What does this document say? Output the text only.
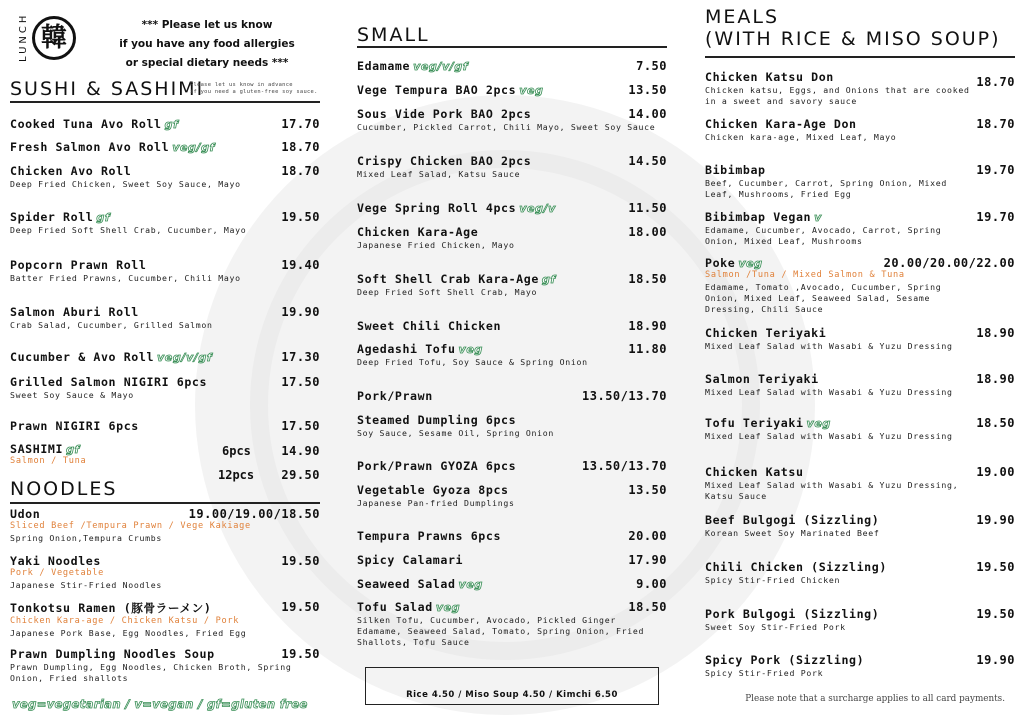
LUNCH 韓	*** Please let us know
if you have any food allergies
or special dietary needs ***
SUSHI & SASHIMI
Please let us know in advance
if you need a gluten-free soy sauce.
Cooked Tuna Avo Roll gf	17.70
Fresh Salmon Avo Roll veg/gf	18.70
Chicken Avo Roll	18.70
Deep Fried Chicken, Sweet Soy Sauce, Mayo
Spider Roll gf	19.50
Deep Fried Soft Shell Crab, Cucumber, Mayo
Popcorn Prawn Roll	19.40
Batter Fried Prawns, Cucumber, Chili Mayo
Salmon Aburi Roll	19.90
Crab Salad, Cucumber, Grilled Salmon
Cucumber & Avo Roll veg/v/gf	17.30
Grilled Salmon NIGIRI 6pcs	17.50
Sweet Soy Sauce & Mayo
Prawn NIGIRI 6pcs	17.50
SASHIMI gf
Salmon / Tuna
6pcs	14.90
12pcs 29.50
NOODLES
Udon	19.00/19.00/18.50
Sliced Beef /Tempura Prawn / Vege Kakiage
Spring Onion,Tempura Crumbs
Yaki Noodles	19.50
Pork / Vegetable
Japanese Stir-Fried Noodles
Tonkotsu Ramen (豚骨ラーメン)	19.50
Chicken Kara-age / Chicken Katsu / Pork
Japanese Pork Base, Egg Noodles, Fried Egg
Prawn Dumpling Noodles Soup	19.50
Prawn Dumpling, Egg Noodles, Chicken Broth, Spring Onion, Fried shallots
veg=vegetarian / v=vegan / gf=gluten free
SMALL
Edamame veg/v/gf	7.50
Vege Tempura BAO 2pcs veg	13.50
Sous Vide Pork BAO 2pcs	14.00
Cucumber, Pickled Carrot, Chili Mayo, Sweet Soy Sauce
Crispy Chicken BAO 2pcs	14.50
Mixed Leaf Salad, Katsu Sauce
Vege Spring Roll 4pcs veg/v	11.50
Chicken Kara-Age	18.00
Japanese Fried Chicken, Mayo
Soft Shell Crab Kara-Age gf	18.50
Deep Fried Soft Shell Crab, Mayo
Sweet Chili Chicken	18.90
Agedashi Tofu veg	11.80
Deep Fried Tofu, Soy Sauce & Spring Onion
Pork/Prawn	13.50/13.70
Steamed Dumpling 6pcs
Soy Sauce, Sesame Oil, Spring Onion
Pork/Prawn GYOZA 6pcs	13.50/13.70
Vegetable Gyoza 8pcs	13.50
Japanese Pan-fried Dumplings
Tempura Prawns 6pcs	20.00
Spicy Calamari	17.90
Seaweed Salad veg	9.00
Tofu Salad veg	18.50
Silken Tofu, Cucumber, Avocado, Pickled Ginger Edamame, Seaweed Salad, Tomato, Spring Onion, Fried Shallots, Tofu Sauce
Rice 4.50 / Miso Soup 4.50 / Kimchi 6.50
MEALS
(WITH RICE & MISO SOUP)
Chicken Katsu Don	18.70
Chicken katsu, Eggs, and Onions that are cooked in a sweet and savory sauce
Chicken Kara-Age Don	18.70
Chicken kara-age, Mixed Leaf, Mayo
Bibimbap	19.70
Beef, Cucumber, Carrot, Spring Onion, Mixed Leaf, Mushrooms, Fried Egg
Bibimbap Vegan v	19.70
Edamame, Cucumber, Avocado, Carrot, Spring Onion, Mixed Leaf, Mushrooms
Poke veg	20.00/20.00/22.00
Salmon /Tuna / Mixed Salmon & Tuna
Edamame, Tomato ,Avocado, Cucumber, Spring Onion, Mixed Leaf, Seaweed Salad, Sesame Dressing, Chili Sauce
Chicken Teriyaki	18.90
Mixed Leaf Salad with Wasabi & Yuzu Dressing
Salmon Teriyaki	18.90
Mixed Leaf Salad with Wasabi & Yuzu Dressing
Tofu Teriyaki veg	18.50
Mixed Leaf Salad with Wasabi & Yuzu Dressing
Chicken Katsu	19.00
Mixed Leaf Salad with Wasabi & Yuzu Dressing, Katsu Sauce
Beef Bulgogi (Sizzling)	19.90
Korean Sweet Soy Marinated Beef
Chili Chicken (Sizzling)	19.50
Spicy Stir-Fried Chicken
Pork Bulgogi (Sizzling)	19.50
Sweet Soy Stir-Fried Pork
Spicy Pork (Sizzling)	19.90
Spicy Stir-Fried Pork
Please note that a surcharge applies to all card payments.
